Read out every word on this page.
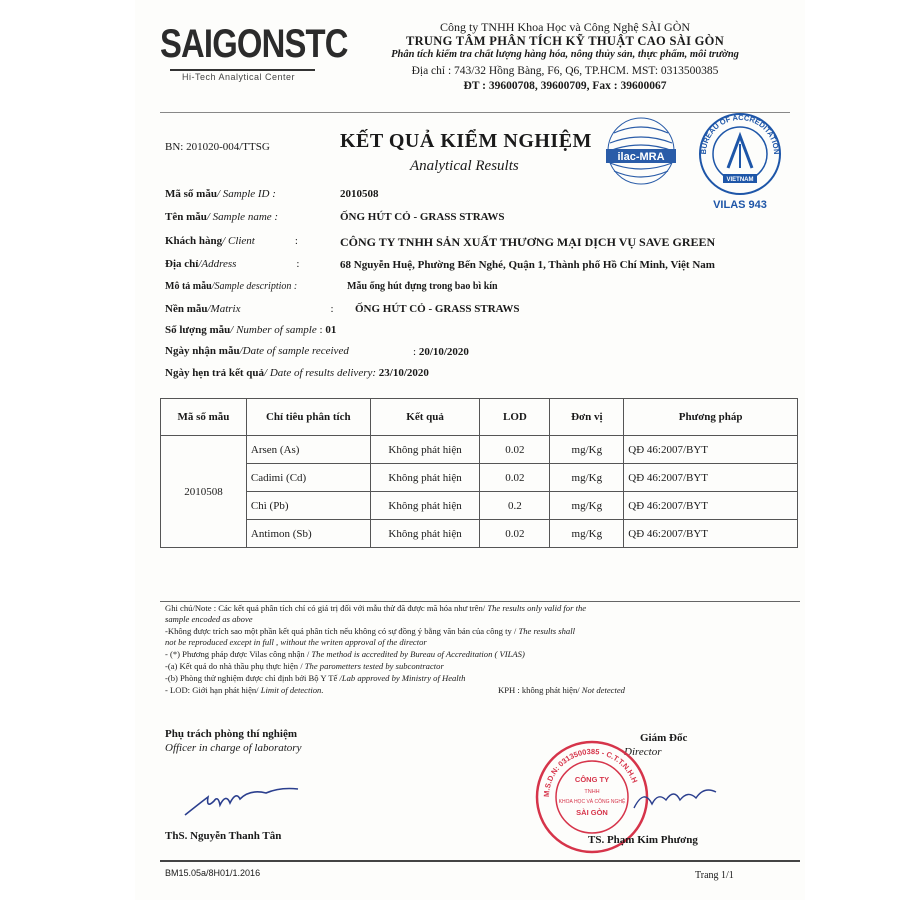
SAIGONSTC
Hi-Tech Analytical Center
Công ty TNHH Khoa Học và Công Nghệ SÀI GÒN
TRUNG TÂM PHÂN TÍCH KỸ THUẬT CAO SÀI GÒN
Phân tích kiểm tra chất lượng hàng hóa, nông thủy sản, thực phẩm, môi trường
Địa chỉ : 743/32 Hồng Bàng, F6, Q6, TP.HCM. MST: 0313500385
ĐT : 39600708, 39600709, Fax : 39600067
BN: 201020-004/TTSG	KẾT QUẢ KIỂM NGHIỆM
Analytical Results
ilac-MRA	BUREAU OF ACCREDITATION
VIETNAM
VILAS 943
Mã số mẫu/ Sample ID :	2010508
Tên mẫu/ Sample name :	ỐNG HÚT CỎ - GRASS STRAWS
Khách hàng/ Client	:	CÔNG TY TNHH SẢN XUẤT THƯƠNG MẠI DỊCH VỤ SAVE GREEN
Địa chỉ/Address	:	68 Nguyễn Huệ, Phường Bến Nghé, Quận 1, Thành phố Hồ Chí Minh, Việt Nam
Mô tả mẫu/Sample description :	Mẫu ống hút đựng trong bao bì kín
Nền mẫu/Matrix	: ỐNG HÚT CỎ - GRASS STRAWS
Số lượng mẫu/ Number of sample : 01
Ngày nhận mẫu/Date of sample received	: 20/10/2020
Ngày hẹn trả kết quả/ Date of results delivery: 23/10/2020
Mã số mẫu	Chỉ tiêu phân tích	Kết quả	LOD	Đơn vị	Phương pháp
2010508	Arsen (As)	Không phát hiện	0.02	mg/Kg	QĐ 46:2007/BYT
	Cadimi (Cd)	Không phát hiện	0.02	mg/Kg	QĐ 46:2007/BYT
	Chì (Pb)	Không phát hiện	0.2	mg/Kg	QĐ 46:2007/BYT
	Antimon (Sb)	Không phát hiện	0.02	mg/Kg	QĐ 46:2007/BYT
Ghi chú/Note : Các kết quả phân tích chỉ có giá trị đối với mẫu thử đã được mã hóa như trên/ The results only valid for the
sample encoded as above
-Không được trích sao một phần kết quả phân tích nếu không có sự đồng ý bằng văn bản của công ty / The results shall
not be reproduced except in full , without the writen approval of the director
- (*) Phương pháp được Vilas công nhận / The method is accredited by Bureau of Accreditation ( VILAS)
-(a) Kết quả do nhà thầu phụ thực hiện / The parometters tested by subcontractor
-(b) Phòng thử nghiệm được chỉ định bởi Bộ Y Tế /Lab approved by Ministry of Health
- LOD: Giới hạn phát hiện/ Limit of detection.	KPH : không phát hiện/ Not detected
Phụ trách phòng thí nghiệm
Officer in charge of laboratory
ThS. Nguyễn Thanh Tân
Giám Đốc
Director
M.S.D.N: 0313500385 - C.T.T.N.H.H
CÔNG TY
TNHH
KHOA HỌC VÀ CÔNG NGHỆ
SÀI GÒN
TS. Phạm Kim Phương
BM15.05a/8H01/1.2016	Trang 1/1
